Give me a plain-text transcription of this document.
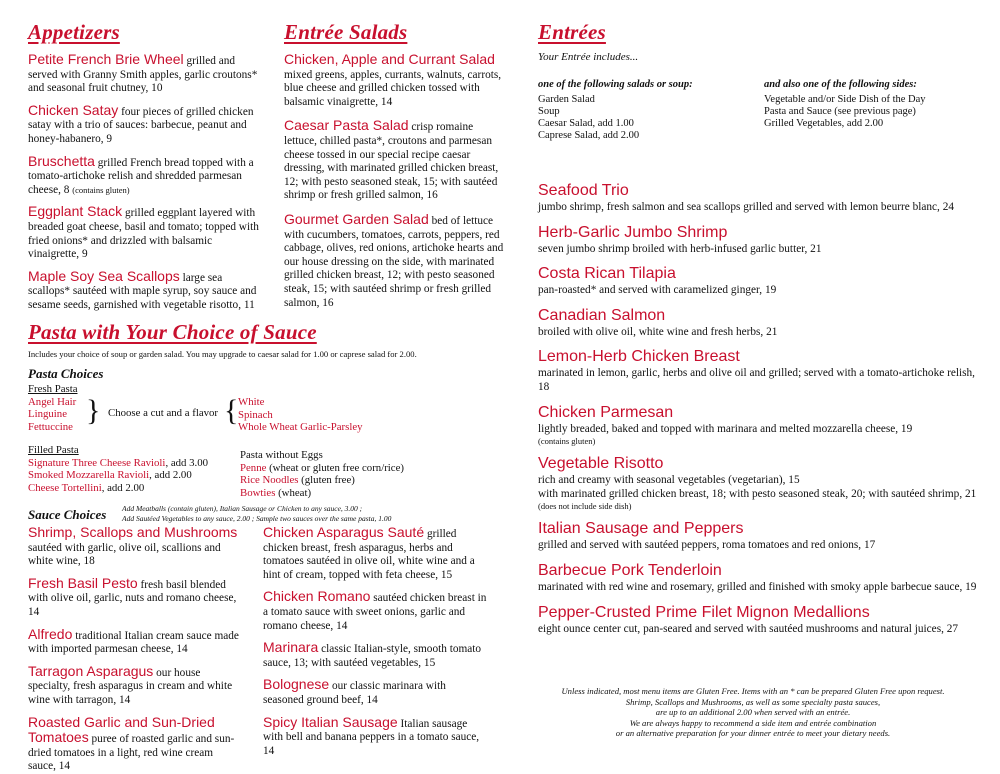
Appetizers
Petite French Brie Wheel grilled and served with Granny Smith apples, garlic croutons* and seasonal fruit chutney, 10
Chicken Satay four pieces of grilled chicken satay with a trio of sauces: barbecue, peanut and honey-habanero, 9
Bruschetta grilled French bread topped with a tomato-artichoke relish and shredded parmesan cheese, 8 (contains gluten)
Eggplant Stack grilled eggplant layered with breaded goat cheese, basil and tomato; topped with fried onions* and drizzled with balsamic vinaigrette, 9
Maple Soy Sea Scallops large sea scallops* sautéed with maple syrup, soy sauce and sesame seeds, garnished with vegetable risotto, 11
Entrée Salads
Chicken, Apple and Currant Salad mixed greens, apples, currants, walnuts, carrots, blue cheese and grilled chicken tossed with balsamic vinaigrette, 14
Caesar Pasta Salad crisp romaine lettuce, chilled pasta*, croutons and parmesan cheese tossed in our special recipe caesar dressing, with marinated grilled chicken breast, 12; with pesto seasoned steak, 15; with sautéed shrimp or fresh grilled salmon, 16
Gourmet Garden Salad bed of lettuce with cucumbers, tomatoes, carrots, peppers, red cabbage, olives, red onions, artichoke hearts and our house dressing on the side, with marinated grilled chicken breast, 12; with pesto seasoned steak, 15; with sautéed shrimp or fresh grilled salmon, 16
Entrées
Your Entrée includes...
one of the following salads or soup:
Garden Salad
Soup
Caesar Salad, add 1.00
Caprese Salad, add 2.00
and also one of the following sides:
Vegetable and/or Side Dish of the Day
Pasta and Sauce (see previous page)
Grilled Vegetables, add 2.00
Seafood Trio
jumbo shrimp, fresh salmon and sea scallops grilled and served with lemon beurre blanc, 24
Herb-Garlic Jumbo Shrimp
seven jumbo shrimp broiled with herb-infused garlic butter, 21
Costa Rican Tilapia
pan-roasted* and served with caramelized ginger, 19
Canadian Salmon
broiled with olive oil, white wine and fresh herbs, 21
Lemon-Herb Chicken Breast
marinated in lemon, garlic, herbs and olive oil and grilled; served with a tomato-artichoke relish, 18
Chicken Parmesan
lightly breaded, baked and topped with marinara and melted mozzarella cheese, 19
(contains gluten)
Vegetable Risotto
rich and creamy with seasonal vegetables (vegetarian), 15
with marinated grilled chicken breast, 18; with pesto seasoned steak, 20; with sautéed shrimp, 21
(does not include side dish)
Italian Sausage and Peppers
grilled and served with sautéed peppers, roma tomatoes and red onions, 17
Barbecue Pork Tenderloin
marinated with red wine and rosemary, grilled and finished with smoky apple barbecue sauce, 19
Pepper-Crusted Prime Filet Mignon Medallions
eight ounce center cut, pan-seared and served with sautéed mushrooms and natural juices, 27
Unless indicated, most menu items are Gluten Free. Items with an * can be prepared Gluten Free upon request.
Shrimp, Scallops and Mushrooms, as well as some specialty pasta sauces,
are up to an additional 2.00 when served with an entrée.
We are always happy to recommend a side item and entrée combination
or an alternative preparation for your dinner entrée to meet your dietary needs.
Pasta with Your Choice of Sauce
Includes your choice of soup or garden salad. You may upgrade to caesar salad for 1.00 or caprese salad for 2.00.
Pasta Choices
Fresh Pasta
Angel Hair
Linguine
Fettuccine } Choose a cut and a flavor { White
Spinach
Whole Wheat Garlic-Parsley
Filled Pasta
Signature Three Cheese Ravioli, add 3.00
Smoked Mozzarella Ravioli, add 2.00
Cheese Tortellini, add 2.00
Pasta without Eggs
Penne (wheat or gluten free corn/rice)
Rice Noodles (gluten free)
Bowties (wheat)
Sauce Choices Add Meatballs (contain gluten), Italian Sausage or Chicken to any sauce, 3.00 ;
Add Sautéed Vegetables to any sauce, 2.00 ; Sample two sauces over the same pasta, 1.00
Shrimp, Scallops and Mushrooms sautéed with garlic, olive oil, scallions and white wine, 18
Fresh Basil Pesto fresh basil blended with olive oil, garlic, nuts and romano cheese, 14
Alfredo traditional Italian cream sauce made with imported parmesan cheese, 14
Tarragon Asparagus our house specialty, fresh asparagus in cream and white wine with tarragon, 14
Roasted Garlic and Sun-Dried Tomatoes puree of roasted garlic and sun-dried tomatoes in a light, red wine cream sauce, 14
Chicken Asparagus Sauté grilled chicken breast, fresh asparagus, herbs and tomatoes sautéed in olive oil, white wine and a hint of cream, topped with feta cheese, 15
Chicken Romano sautéed chicken breast in a tomato sauce with sweet onions, garlic and romano cheese, 14
Marinara classic Italian-style, smooth tomato sauce, 13; with sautéed vegetables, 15
Bolognese our classic marinara with seasoned ground beef, 14
Spicy Italian Sausage Italian sausage with bell and banana peppers in a tomato sauce, 14
